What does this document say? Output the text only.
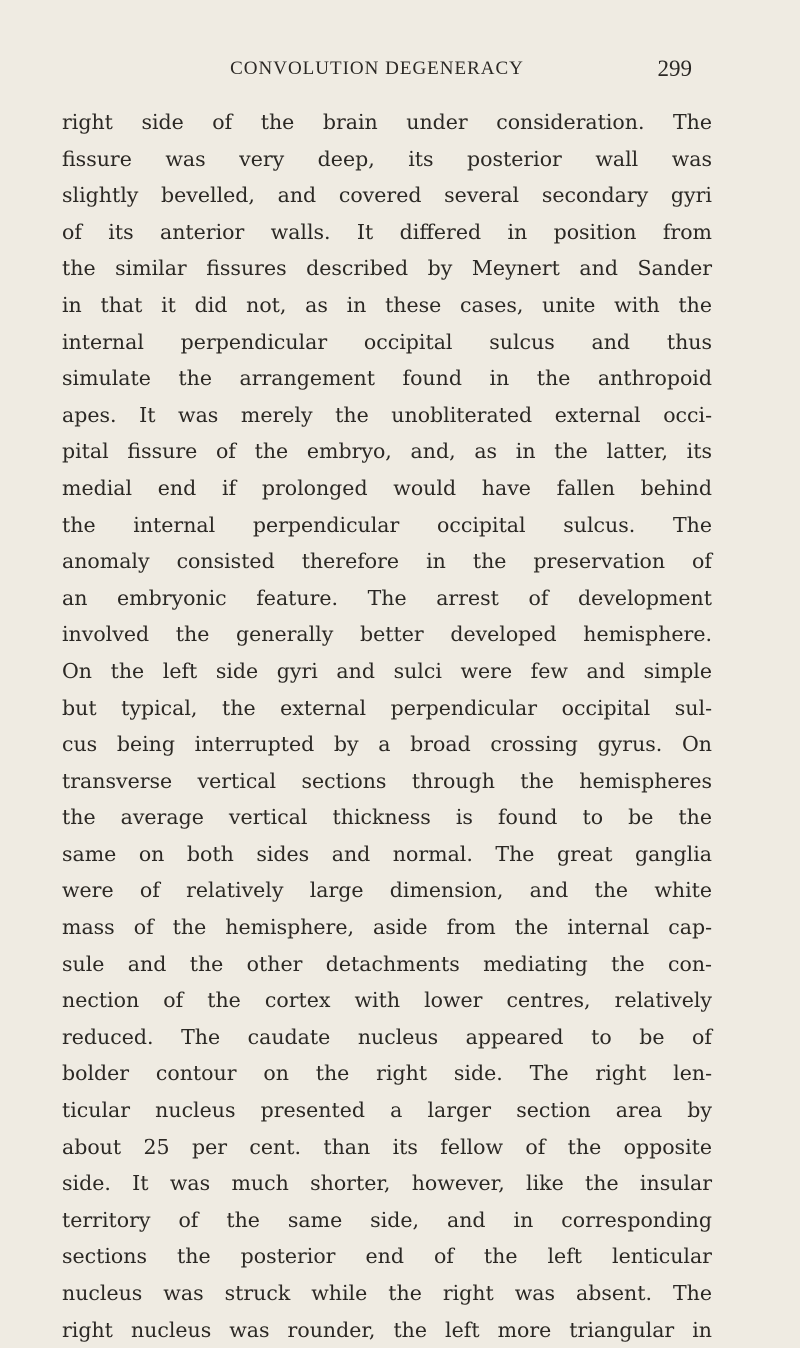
CONVOLUTION DEGENERACY	299
right side of the brain under consideration. The
fissure was very deep, its posterior wall was
slightly bevelled, and covered several secondary gyri
of its anterior walls. It differed in position from
the similar fissures described by Meynert and Sander
in that it did not, as in these cases, unite with the
internal perpendicular occipital sulcus and thus
simulate the arrangement found in the anthropoid
apes. It was merely the unobliterated external occi-
pital fissure of the embryo, and, as in the latter, its
medial end if prolonged would have fallen behind
the internal perpendicular occipital sulcus. The
anomaly consisted therefore in the preservation of
an embryonic feature. The arrest of development
involved the generally better developed hemisphere.
On the left side gyri and sulci were few and simple
but typical, the external perpendicular occipital sul-
cus being interrupted by a broad crossing gyrus. On
transverse vertical sections through the hemispheres
the average vertical thickness is found to be the
same on both sides and normal. The great ganglia
were of relatively large dimension, and the white
mass of the hemisphere, aside from the internal cap-
sule and the other detachments mediating the con-
nection of the cortex with lower centres, relatively
reduced. The caudate nucleus appeared to be of
bolder contour on the right side. The right len-
ticular nucleus presented a larger section area by
about 25 per cent. than its fellow of the opposite
side. It was much shorter, however, like the insular
territory of the same side, and in corresponding
sections the posterior end of the left lenticular
nucleus was struck while the right was absent. The
right nucleus was rounder, the left more triangular in
